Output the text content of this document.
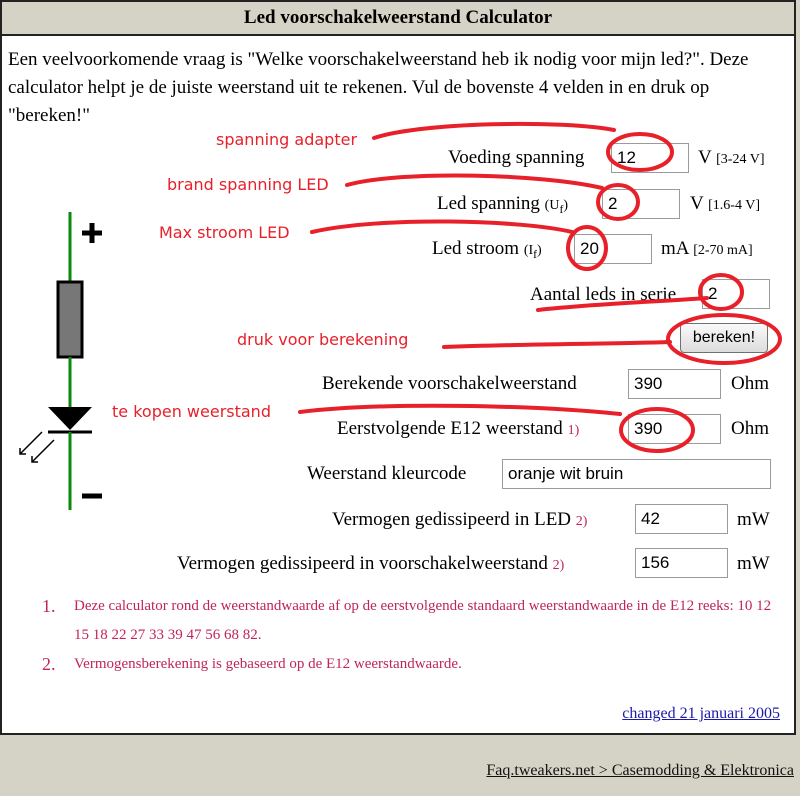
Led voorschakelweerstand Calculator
Een veelvoorkomende vraag is "Welke voorschakelweerstand heb ik nodig voor mijn led?". Deze calculator helpt je de juiste weerstand uit te rekenen. Vul de bovenste 4 velden in en druk op "bereken!"
Voeding spanning	12	V [3-24 V]
Led spanning $(U_f)$	2	V [1.6-4 V]
Led stroom $(I_f)$	20	mA [2-70 mA]
Aantal leds in serie	2
bereken!
Berekende voorschakelweerstand	390	Ohm
Eerstvolgende E12 weerstand 1)	390	Ohm
Weerstand kleurcode	oranje wit bruin
Vermogen gedissipeerd in LED 2)	42	mW
Vermogen gedissipeerd in voorschakelweerstand 2)	156	mW
1. Deze calculator rond de weerstandwaarde af op de eerstvolgende standaard weerstandwaarde in de E12 reeks: 10 12 15 18 22 27 33 39 47 56 68 82.
2. Vermogensberekening is gebaseerd op de E12 weerstandwaarde.
changed 21 januari 2005
spanning adapter
brand spanning LED
Max stroom LED
druk voor berekening
te kopen weerstand
Faq.tweakers.net > Casemodding & Elektronica
